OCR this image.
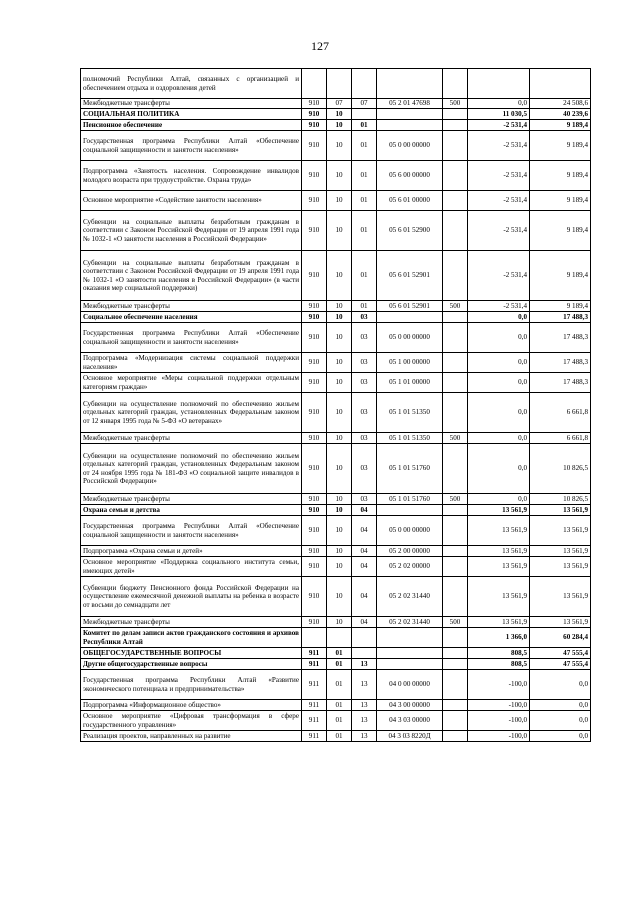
127
полномочий Республики Алтай, связанных с организацией и обеспечением отдыха и оздоровления детей							
Межбюджетные трансферты	910	07	07	05 2 01 47698	500	0,0	24 508,6
СОЦИАЛЬНАЯ ПОЛИТИКА	910	10				11 030,5	40 239,6
Пенсионное обеспечение	910	10	01			-2 531,4	9 189,4
Государственная программа Республики Алтай «Обеспечение социальной защищенности и занятости населения»	910	10	01	05 0 00 00000		-2 531,4	9 189,4
Подпрограмма «Занятость населения. Сопровождение инвалидов молодого возраста при трудоустройстве. Охрана труда»	910	10	01	05 6 00 00000		-2 531,4	9 189,4
Основное мероприятие «Содействие занятости населения»	910	10	01	05 6 01 00000		-2 531,4	9 189,4
Субвенции на социальные выплаты безработным гражданам в соответствии с Законом Российской Федерации от 19 апреля 1991 года № 1032-1 «О занятости населения в Российской Федерации»	910	10	01	05 6 01 52900		-2 531,4	9 189,4
Субвенции на социальные выплаты безработным гражданам в соответствии с Законом Российской Федерации от 19 апреля 1991 года № 1032-1 «О занятости населения в Российской Федерации» (в части оказания мер социальной поддержки)	910	10	01	05 6 01 52901		-2 531,4	9 189,4
Межбюджетные трансферты	910	10	01	05 6 01 52901	500	-2 531,4	9 189,4
Социальное обеспечение населения	910	10	03			0,0	17 488,3
Государственная программа Республики Алтай «Обеспечение социальной защищенности и занятости населения»	910	10	03	05 0 00 00000		0,0	17 488,3
Подпрограмма «Модернизация системы социальной поддержки населения»	910	10	03	05 1 00 00000		0,0	17 488,3
Основное мероприятие «Меры социальной поддержки отдельным категориям граждан»	910	10	03	05 1 01 00000		0,0	17 488,3
Субвенции на осуществление полномочий по обеспечению жильем отдельных категорий граждан, установленных Федеральным законом от 12 января 1995 года № 5-ФЗ «О ветеранах»	910	10	03	05 1 01 51350		0,0	6 661,8
Межбюджетные трансферты	910	10	03	05 1 01 51350	500	0,0	6 661,8
Субвенции на осуществление полномочий по обеспечению жильем отдельных категорий граждан, установленных Федеральным законом от 24 ноября 1995 года № 181-ФЗ «О социальной защите инвалидов в Российской Федерации»	910	10	03	05 1 01 51760		0,0	10 826,5
Межбюджетные трансферты	910	10	03	05 1 01 51760	500	0,0	10 826,5
Охрана семьи и детства	910	10	04			13 561,9	13 561,9
Государственная программа Республики Алтай «Обеспечение социальной защищенности и занятости населения»	910	10	04	05 0 00 00000		13 561,9	13 561,9
Подпрограмма «Охрана семьи и детей»	910	10	04	05 2 00 00000		13 561,9	13 561,9
Основное мероприятие «Поддержка социального института семьи, имеющих детей»	910	10	04	05 2 02 00000		13 561,9	13 561,9
Субвенции бюджету Пенсионного фонда Российской Федерации на осуществление ежемесячной денежной выплаты на ребенка в возрасте от восьми до семнадцати лет	910	10	04	05 2 02 31440		13 561,9	13 561,9
Межбюджетные трансферты	910	10	04	05 2 02 31440	500	13 561,9	13 561,9
Комитет по делам записи актов гражданского состояния и архивов Республики Алтай						1 366,0	60 284,4
ОБЩЕГОСУДАРСТВЕННЫЕ ВОПРОСЫ	911	01				808,5	47 555,4
Другие общегосударственные вопросы	911	01	13			808,5	47 555,4
Государственная программа Республики Алтай «Развитие экономического потенциала и предпринимательства»	911	01	13	04 0 00 00000		-100,0	0,0
Подпрограмма «Информационное общество»	911	01	13	04 3 00 00000		-100,0	0,0
Основное мероприятие «Цифровая трансформация в сфере государственного управления»	911	01	13	04 3 03 00000		-100,0	0,0
Реализация проектов, направленных на развитие	911	01	13	04 3 03 8220Д		-100,0	0,0
